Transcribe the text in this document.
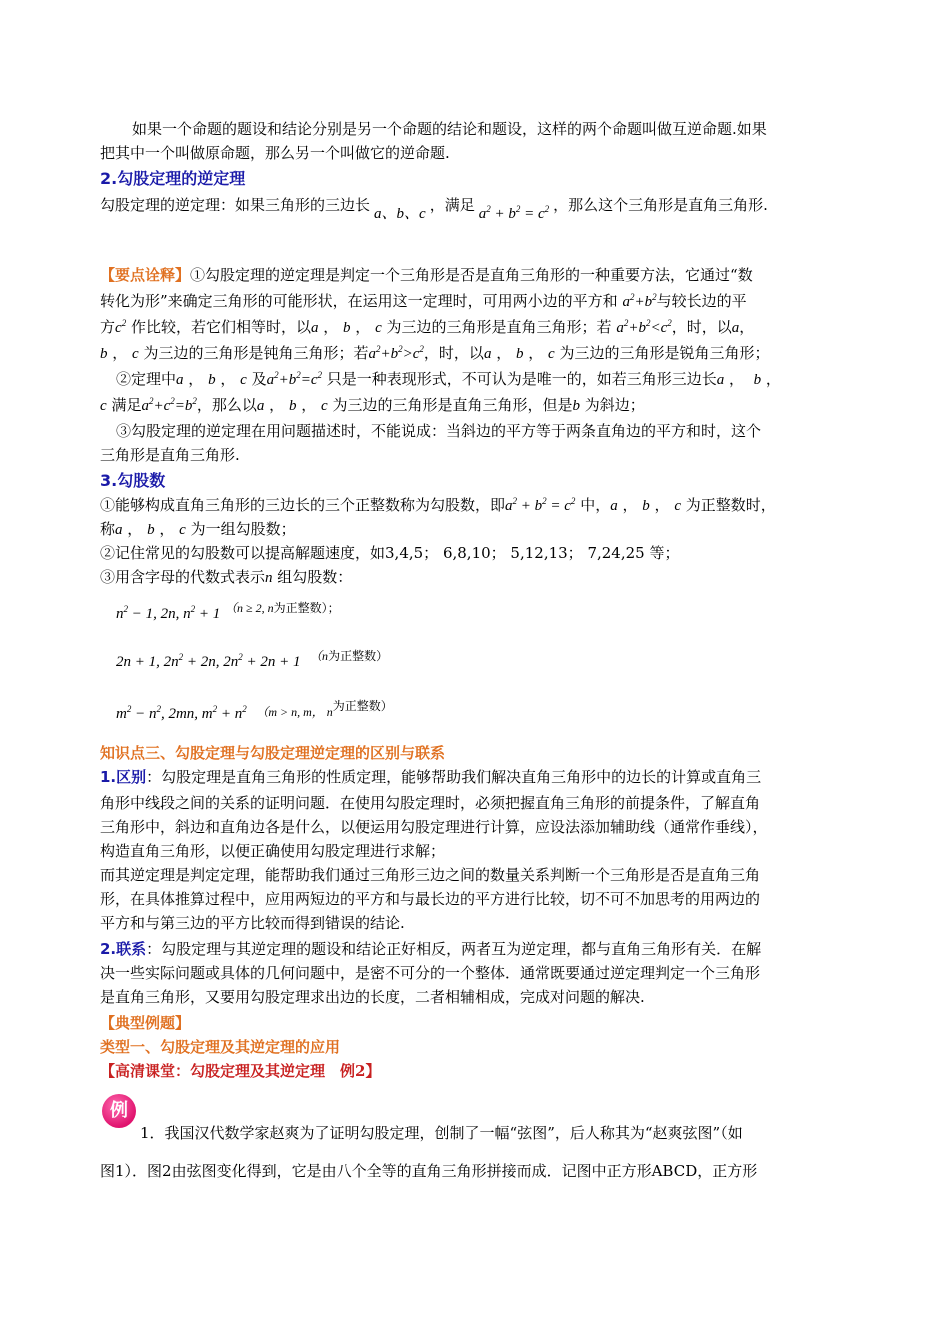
如果一个命题的题设和结论分别是另一个命题的结论和题设，这样的两个命题叫做互逆命题.如果
把其中一个叫做原命题，那么另一个叫做它的逆命题.
2.勾股定理的逆定理
勾股定理的逆定理：如果三角形的三边长 a、b、c ，满足 $a^2 + b^2 = c^2$ ，那么这个三角形是直角三角形.
【要点诠释】①勾股定理的逆定理是判定一个三角形是否是直角三角形的一种重要方法，它通过“数
转化为形”来确定三角形的可能形状，在运用这一定理时，可用两小边的平方和 $a^2+b^2$与较长边的平
方$c^2$ 作比较，若它们相等时，以a ， b ， c 为三边的三角形是直角三角形；若 $a^2+b^2<c^2$，时，以a，
b ， c 为三边的三角形是钝角三角形；若$a^2+b^2>c^2$，时，以a ， b ， c 为三边的三角形是锐角三角形；
②定理中a ， b ， c 及$a^2+b^2=c^2$ 只是一种表现形式，不可认为是唯一的，如若三角形三边长a ，  b ，
c 满足$a^2+c^2=b^2$，那么以a ， b ， c 为三边的三角形是直角三角形，但是b 为斜边；
③勾股定理的逆定理在用问题描述时，不能说成：当斜边的平方等于两条直角边的平方和时，这个
三角形是直角三角形.
3.勾股数
①能够构成直角三角形的三边长的三个正整数称为勾股数，即$a^2 + b^2 = c^2$ 中，a ， b ， c 为正整数时，
称a ， b ， c 为一组勾股数；
②记住常见的勾股数可以提高解题速度，如3,4,5； 6,8,10； 5,12,13； 7,24,25 等；
③用含字母的代数式表示n 组勾股数：
$n^2 - 1$, 2n, $n^2 + 1$ （n ≥ 2, n为正整数）；
2n + 1, $2n^2 + 2n$, $2n^2 + 2n + 1$ （n为正整数）
$m^2 - n^2$, 2mn, $m^2 + n^2$ $_{(m > n, m, n}$为正整数）
知识点三、勾股定理与勾股定理逆定理的区别与联系
1.区别：勾股定理是直角三角形的性质定理，能够帮助我们解决直角三角形中的边长的计算或直角三
角形中线段之间的关系的证明问题．在使用勾股定理时，必须把握直角三角形的前提条件，了解直角
三角形中，斜边和直角边各是什么，以便运用勾股定理进行计算，应设法添加辅助线（通常作垂线），
构造直角三角形，以便正确使用勾股定理进行求解；
而其逆定理是判定定理，能帮助我们通过三角形三边之间的数量关系判断一个三角形是否是直角三角
形，在具体推算过程中，应用两短边的平方和与最长边的平方进行比较，切不可不加思考的用两边的
平方和与第三边的平方比较而得到错误的结论.
2.联系：勾股定理与其逆定理的题设和结论正好相反，两者互为逆定理，都与直角三角形有关．在解
决一些实际问题或具体的几何问题中，是密不可分的一个整体．通常既要通过逆定理判定一个三角形
是直角三角形，又要用勾股定理求出边的长度，二者相辅相成，完成对问题的解决.
【典型例题】
类型一、勾股定理及其逆定理的应用
【高清课堂：勾股定理及其逆定理　例2】
例
1．我国汉代数学家赵爽为了证明勾股定理，创制了一幅“弦图”，后人称其为“赵爽弦图”（如
图1）．图2由弦图变化得到，它是由八个全等的直角三角形拼接而成．记图中正方形ABCD，正方形
